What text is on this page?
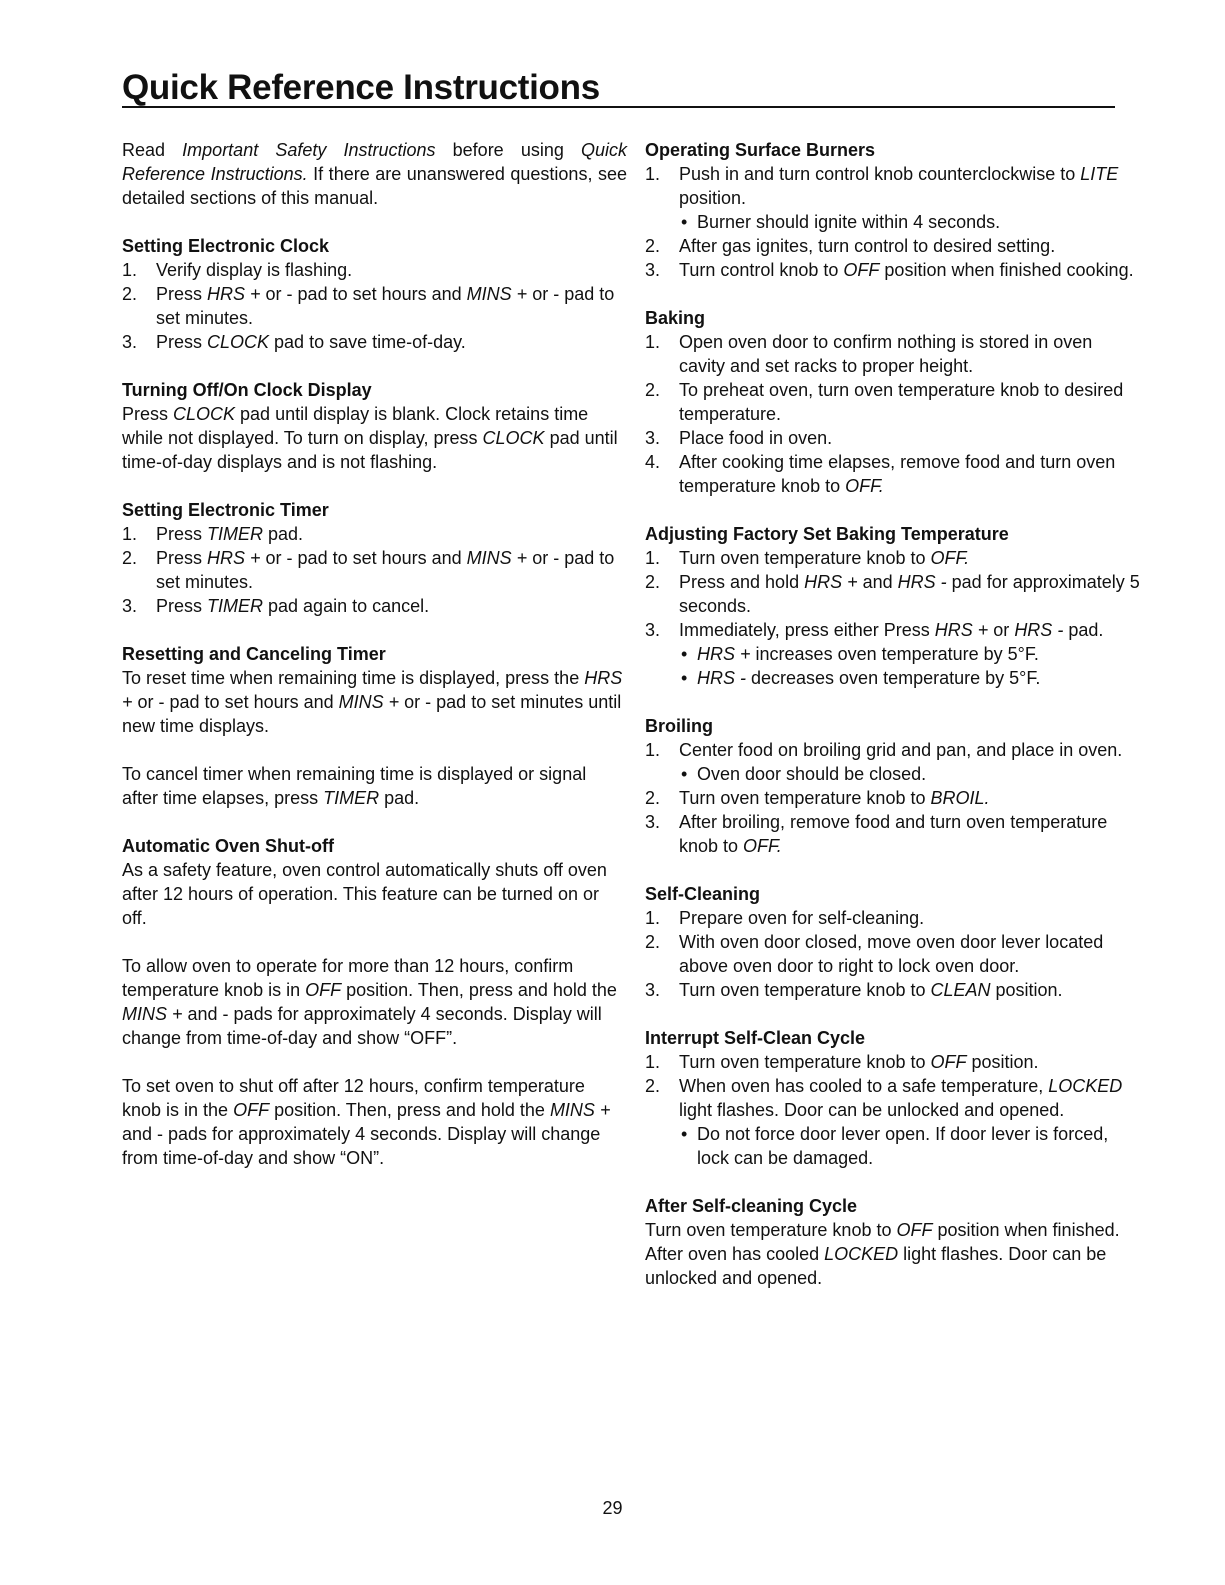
Quick Reference Instructions

Read Important Safety Instructions before using Quick Reference Instructions. If there are unanswered questions, see detailed sections of this manual.

Setting Electronic Clock
1. Verify display is flashing.
2. Press HRS + or - pad to set hours and MINS + or - pad to set minutes.
3. Press CLOCK pad to save time-of-day.
Turning Off/On Clock Display

Press CLOCK pad until display is blank. Clock retains time while not displayed. To turn on display, press CLOCK pad until time-of-day displays and is not flashing.

Setting Electronic Timer
1. Press TIMER pad.
2. Press HRS + or - pad to set hours and MINS + or - pad to set minutes.
3. Press TIMER pad again to cancel.
Resetting and Canceling Timer

To reset time when remaining time is displayed, press the HRS + or - pad to set hours and MINS + or - pad to set minutes until new time displays.

To cancel timer when remaining time is displayed or signal after time elapses, press TIMER pad.

Automatic Oven Shut-off

As a safety feature, oven control automatically shuts off oven after 12 hours of operation. This feature can be turned on or off.

To allow oven to operate for more than 12 hours, confirm temperature knob is in OFF position. Then, press and hold the MINS + and - pads for approximately 4 seconds. Display will change from time-of-day and show “OFF”.

To set oven to shut off after 12 hours, confirm temperature knob is in the OFF position. Then, press and hold the MINS + and - pads for approximately 4 seconds. Display will change from time-of-day and show “ON”.

Operating Surface Burners
1. Push in and turn control knob counterclockwise to LITE position.
• Burner should ignite within 4 seconds.
2. After gas ignites, turn control to desired setting.
3. Turn control knob to OFF position when finished cooking.
Baking
1. Open oven door to confirm nothing is stored in oven cavity and set racks to proper height.
2. To preheat oven, turn oven temperature knob to desired temperature.
3. Place food in oven.
4. After cooking time elapses, remove food and turn oven temperature knob to OFF.
Adjusting Factory Set Baking Temperature
1. Turn oven temperature knob to OFF.
2. Press and hold HRS + and HRS - pad for approximately 5 seconds.
3. Immediately, press either Press HRS + or HRS - pad.
• HRS + increases oven temperature by 5°F.
• HRS - decreases oven temperature by 5°F.
Broiling
1. Center food on broiling grid and pan, and place in oven.
• Oven door should be closed.
2. Turn oven temperature knob to BROIL.
3. After broiling, remove food and turn oven temperature knob to OFF.
Self-Cleaning
1. Prepare oven for self-cleaning.
2. With oven door closed, move oven door lever located above oven door to right to lock oven door.
3. Turn oven temperature knob to CLEAN position.
Interrupt Self-Clean Cycle
1. Turn oven temperature knob to OFF position.
2. When oven has cooled to a safe temperature, LOCKED light flashes. Door can be unlocked and opened.
• Do not force door lever open. If door lever is forced, lock can be damaged.
After Self-cleaning Cycle

Turn oven temperature knob to OFF position when finished. After oven has cooled LOCKED light flashes. Door can be unlocked and opened.

29
